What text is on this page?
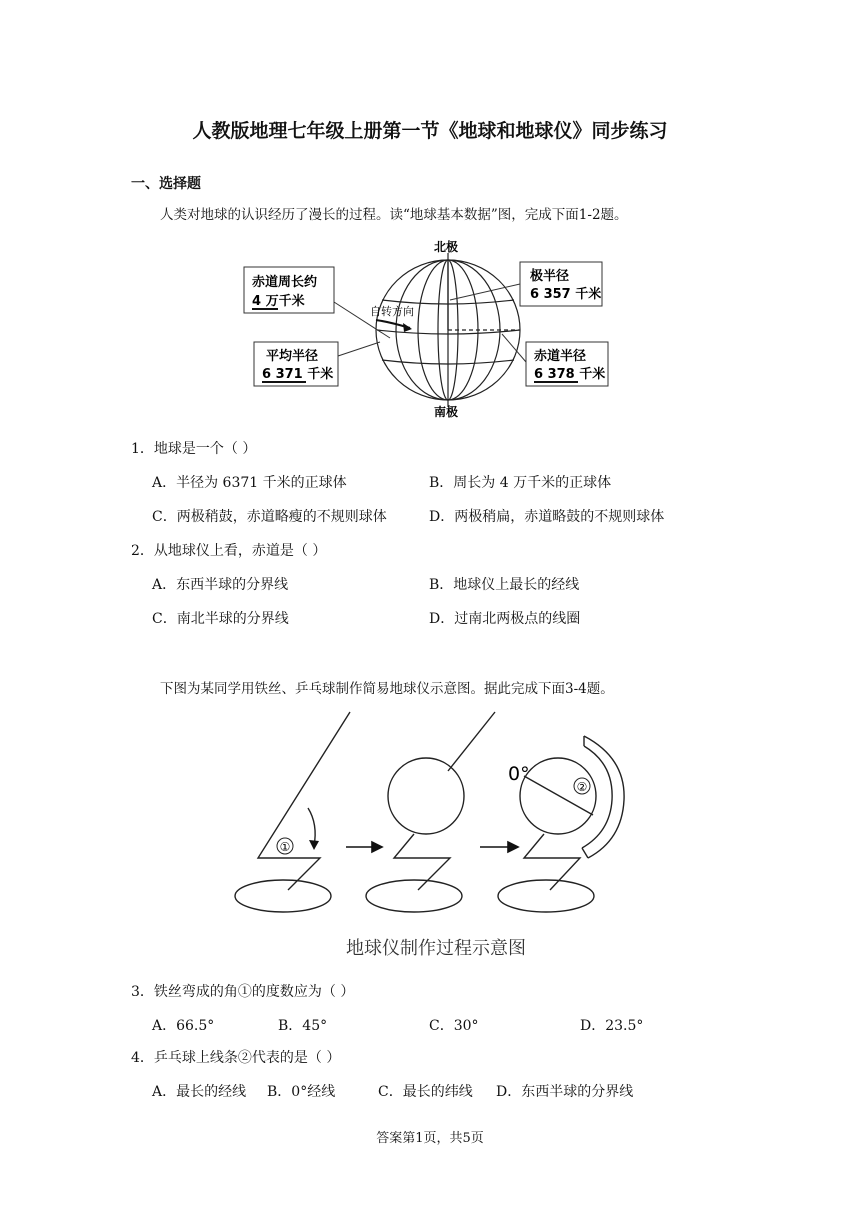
人教版地理七年级上册第一节《地球和地球仪》同步练习
一、选择题
人类对地球的认识经历了漫长的过程。读“地球基本数据”图，完成下面1-2题。
自转方向
北极
南极
赤道周长约
4 万千米
极半径
6 357 千米
平均半径
6 371 千米
赤道半径
6 378 千米
1．地球是一个（ ）
A．半径为 6371 千米的正球体	B．周长为 4 万千米的正球体
C．两极稍鼓，赤道略瘦的不规则球体	D．两极稍扁，赤道略鼓的不规则球体
2．从地球仪上看，赤道是（ ）
A．东西半球的分界线	B．地球仪上最长的经线
C．南北半球的分界线	D．过南北两极点的线圈
下图为某同学用铁丝、乒乓球制作简易地球仪示意图。据此完成下面3-4题。
①
②
0°
地球仪制作过程示意图
3．铁丝弯成的角①的度数应为（ ）
A．66.5°	B．45°	C．30°	D．23.5°
4．乒乓球上线条②代表的是（ ）
A．最长的经线 B．0°经线	C．最长的纬线 D．东西半球的分界线
答案第1页，共5页
